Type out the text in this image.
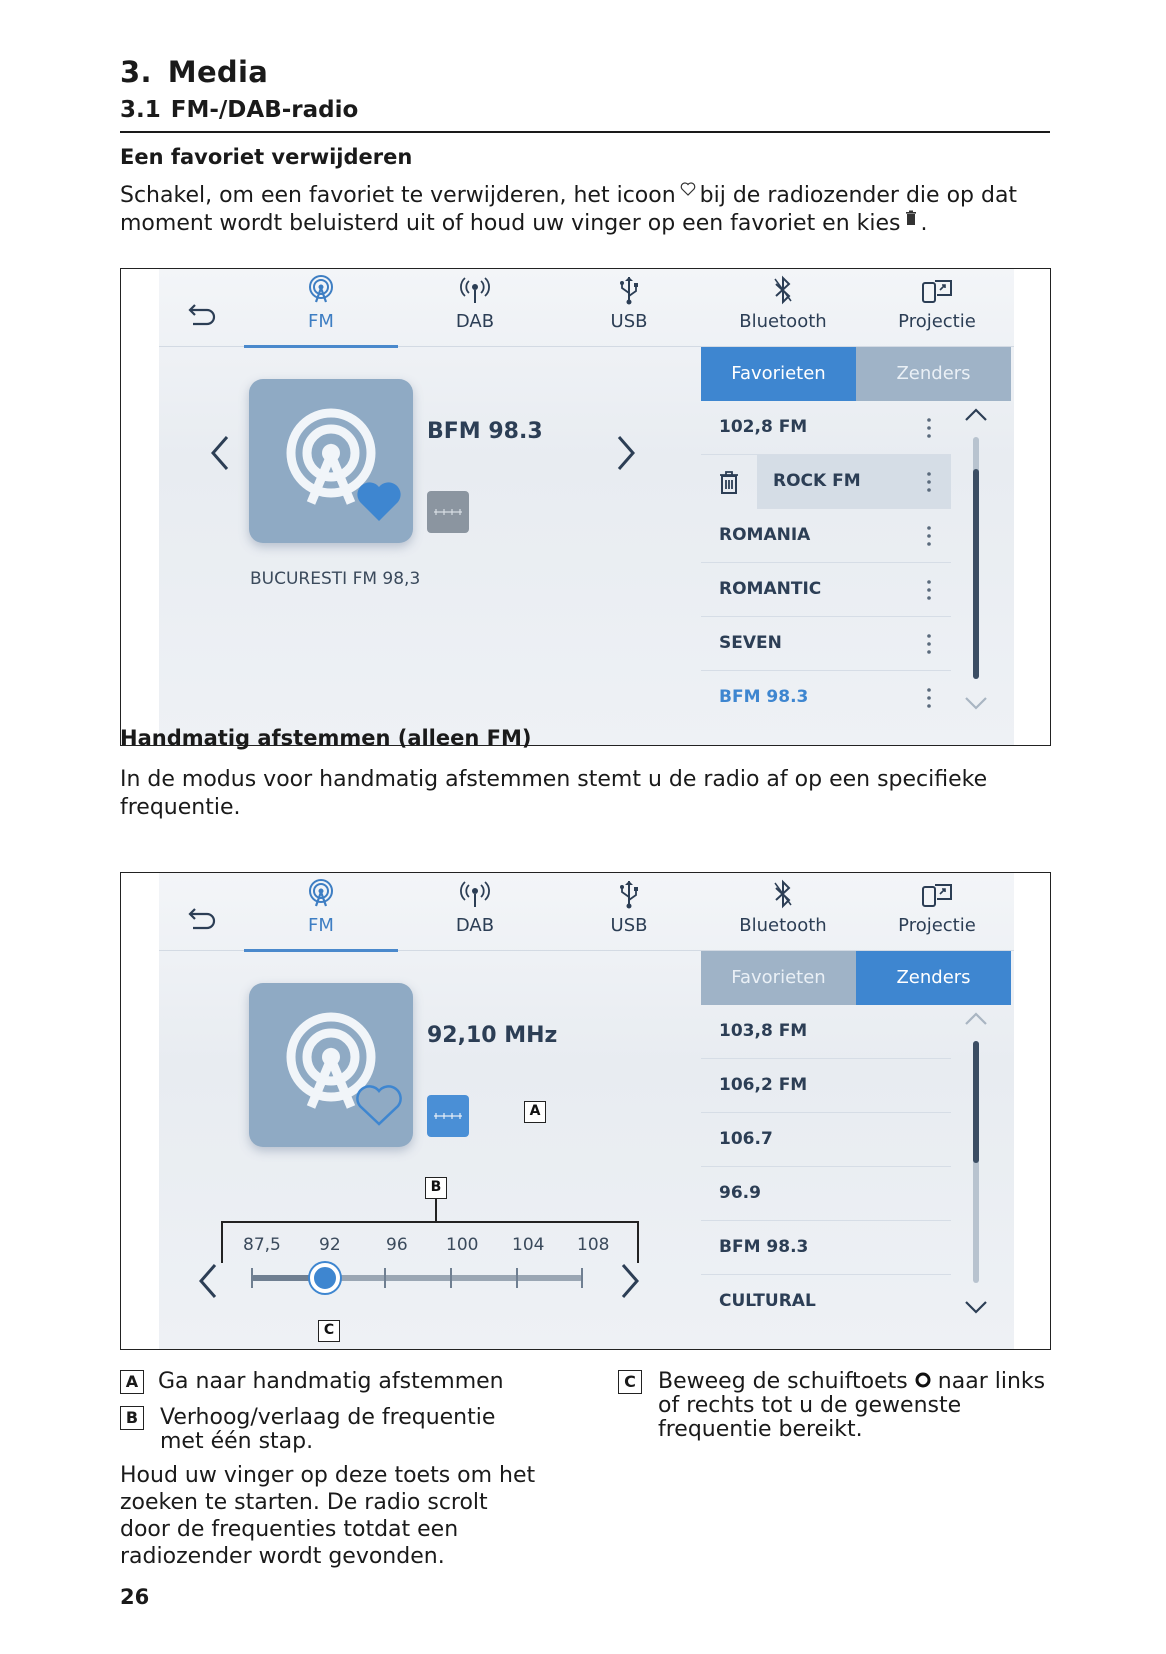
3. Media
3.1 FM-/DAB-radio
Een favoriet verwijderen
Schakel, om een favoriet te verwijderen, het icoon bij de radiozender die op dat moment wordt beluisterd uit of houd uw vinger op een favoriet en kies .
FM	DAB	USB	Bluetooth	Projectie
Favorieten	Zenders
BFM 98.3
BUCURESTI FM 98,3
102,8 FM
ROCK FM
ROMANIA
ROMANTIC
SEVEN
BFM 98.3
Handmatig afstemmen (alleen FM)
In de modus voor handmatig afstemmen stemt u de radio af op een specifieke frequentie.
FM	DAB	USB	Bluetooth	Projectie
Favorieten	Zenders
92,10 MHz
87,5 92	96 100 104 108
103,8 FM
106,2 FM
106.7
96.9
BFM 98.3
CULTURAL
A
B
C
A Ga naar handmatig afstemmen
B Verhoog/verlaag de frequentie met één stap.
Houd uw vinger op deze toets om het zoeken te starten. De radio scrolt door de frequenties totdat een radiozender wordt gevonden.
C Beweeg de schuiftoets naar links of rechts tot u de gewenste frequentie bereikt.
26
